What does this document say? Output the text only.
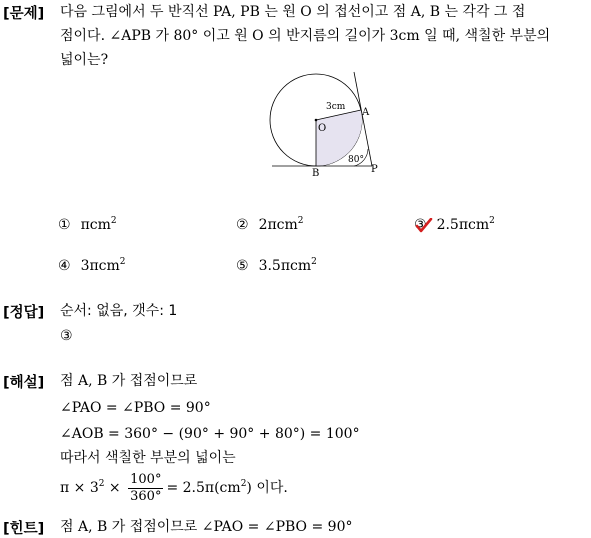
[문제] 다음 그림에서 두 반직선 PA, PB 는 원 O 의 접선이고 점 A, B 는 각각 그 접
점이다. ∠APB 가 80° 이고 원 O 의 반지름의 길이가 3cm 일 때, 색칠한 부분의
넓이는?
O
A
B	P
3cm
80°
① πcm$^2$	② 2πcm$^2$	③ 2.5πcm$^2$
④ 3πcm$^2$	⑤ 3.5πcm$^2$
[정답] 순서: 없음, 갯수: 1
③
[해설] 점 A, B 가 접점이므로
∠PAO = ∠PBO = 90°
∠AOB = 360° − (90° + 90° + 80°) = 100°
따라서 색칠한 부분의 넓이는
$\pi \times 3^2 \times \frac{100^\circ}{360^\circ} = 2.5\pi(cm^2)$ 이다.
[힌트] 점 A, B 가 접점이므로 ∠PAO = ∠PBO = 90°
